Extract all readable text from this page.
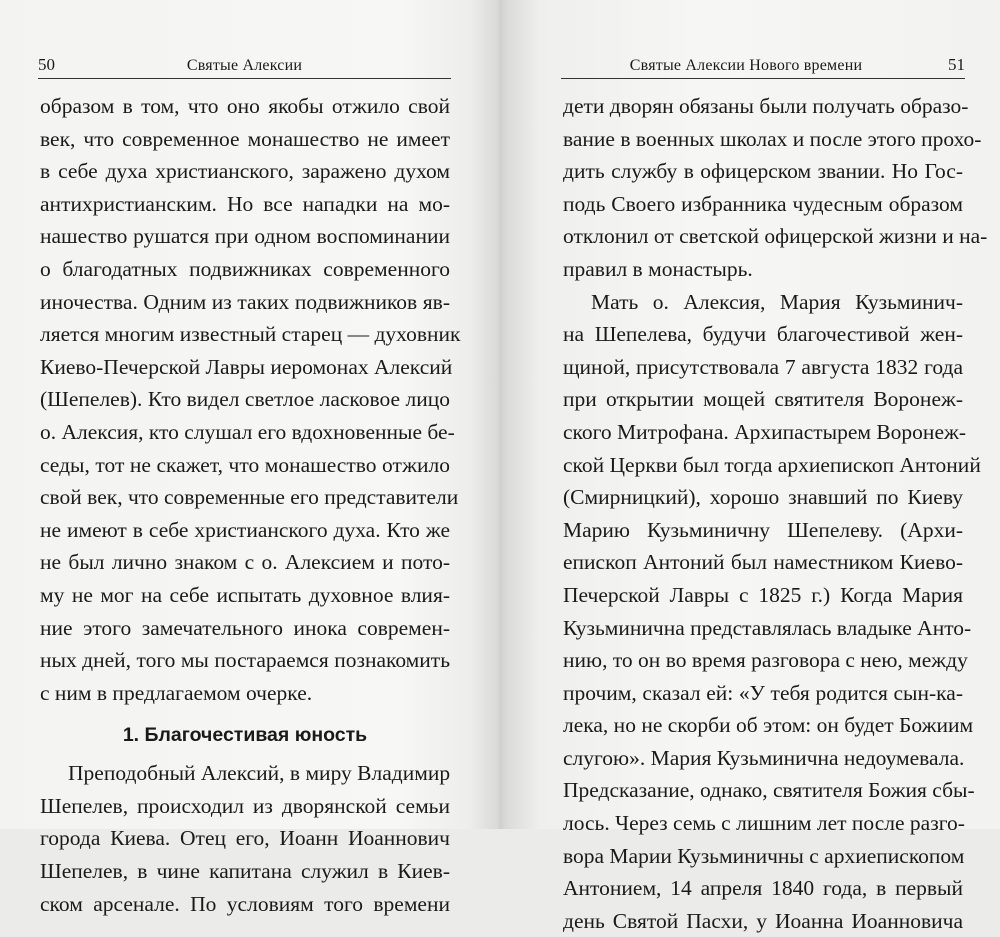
50	Святые Алексии
образом в том, что оно якобы отжило свой
век, что современное монашество не имеет
в себе духа христианского, заражено духом
антихристианским. Но все нападки на мо-
нашество рушатся при одном воспоминании
о благодатных подвижниках современного
иночества. Одним из таких подвижников яв-
ляется многим известный старец — духовник
Киево-Печерской Лавры иеромонах Алексий
(Шепелев). Кто видел светлое ласковое лицо
о. Алексия, кто слушал его вдохновенные бе-
седы, тот не скажет, что монашество отжило
свой век, что современные его представители
не имеют в себе христианского духа. Кто же
не был лично знаком с о. Алексием и пото-
му не мог на себе испытать духовное влия-
ние этого замечательного инока современ-
ных дней, того мы постараемся познакомить
с ним в предлагаемом очерке.
1. Благочестивая юность
Преподобный Алексий, в миру Владимир
Шепелев, происходил из дворянской семьи
города Киева. Отец его, Иоанн Иоаннович
Шепелев, в чине капитана служил в Киев-
ском арсенале. По условиям того времени
Святые Алексии Нового времени	51
дети дворян обязаны были получать образо-
вание в военных школах и после этого прохо-
дить службу в офицерском звании. Но Гос-
подь Своего избранника чудесным образом
отклонил от светской офицерской жизни и на-
правил в монастырь.
Мать о. Алексия, Мария Кузьминич-
на Шепелева, будучи благочестивой жен-
щиной, присутствовала 7 августа 1832 года
при открытии мощей святителя Воронеж-
ского Митрофана. Архипастырем Воронеж-
ской Церкви был тогда архиепископ Антоний
(Смирницкий), хорошо знавший по Киеву
Марию Кузьминичну Шепелеву. (Архи-
епископ Антоний был наместником Киево-
Печерской Лавры с 1825 г.) Когда Мария
Кузьминична представлялась владыке Анто-
нию, то он во время разговора с нею, между
прочим, сказал ей: «У тебя родится сын-ка-
лека, но не скорби об этом: он будет Божиим
слугою». Мария Кузьминична недоумевала.
Предсказание, однако, святителя Божия сбы-
лось. Через семь с лишним лет после разго-
вора Марии Кузьминичны с архиепископом
Антонием, 14 апреля 1840 года, в первый
день Святой Пасхи, у Иоанна Иоанновича
